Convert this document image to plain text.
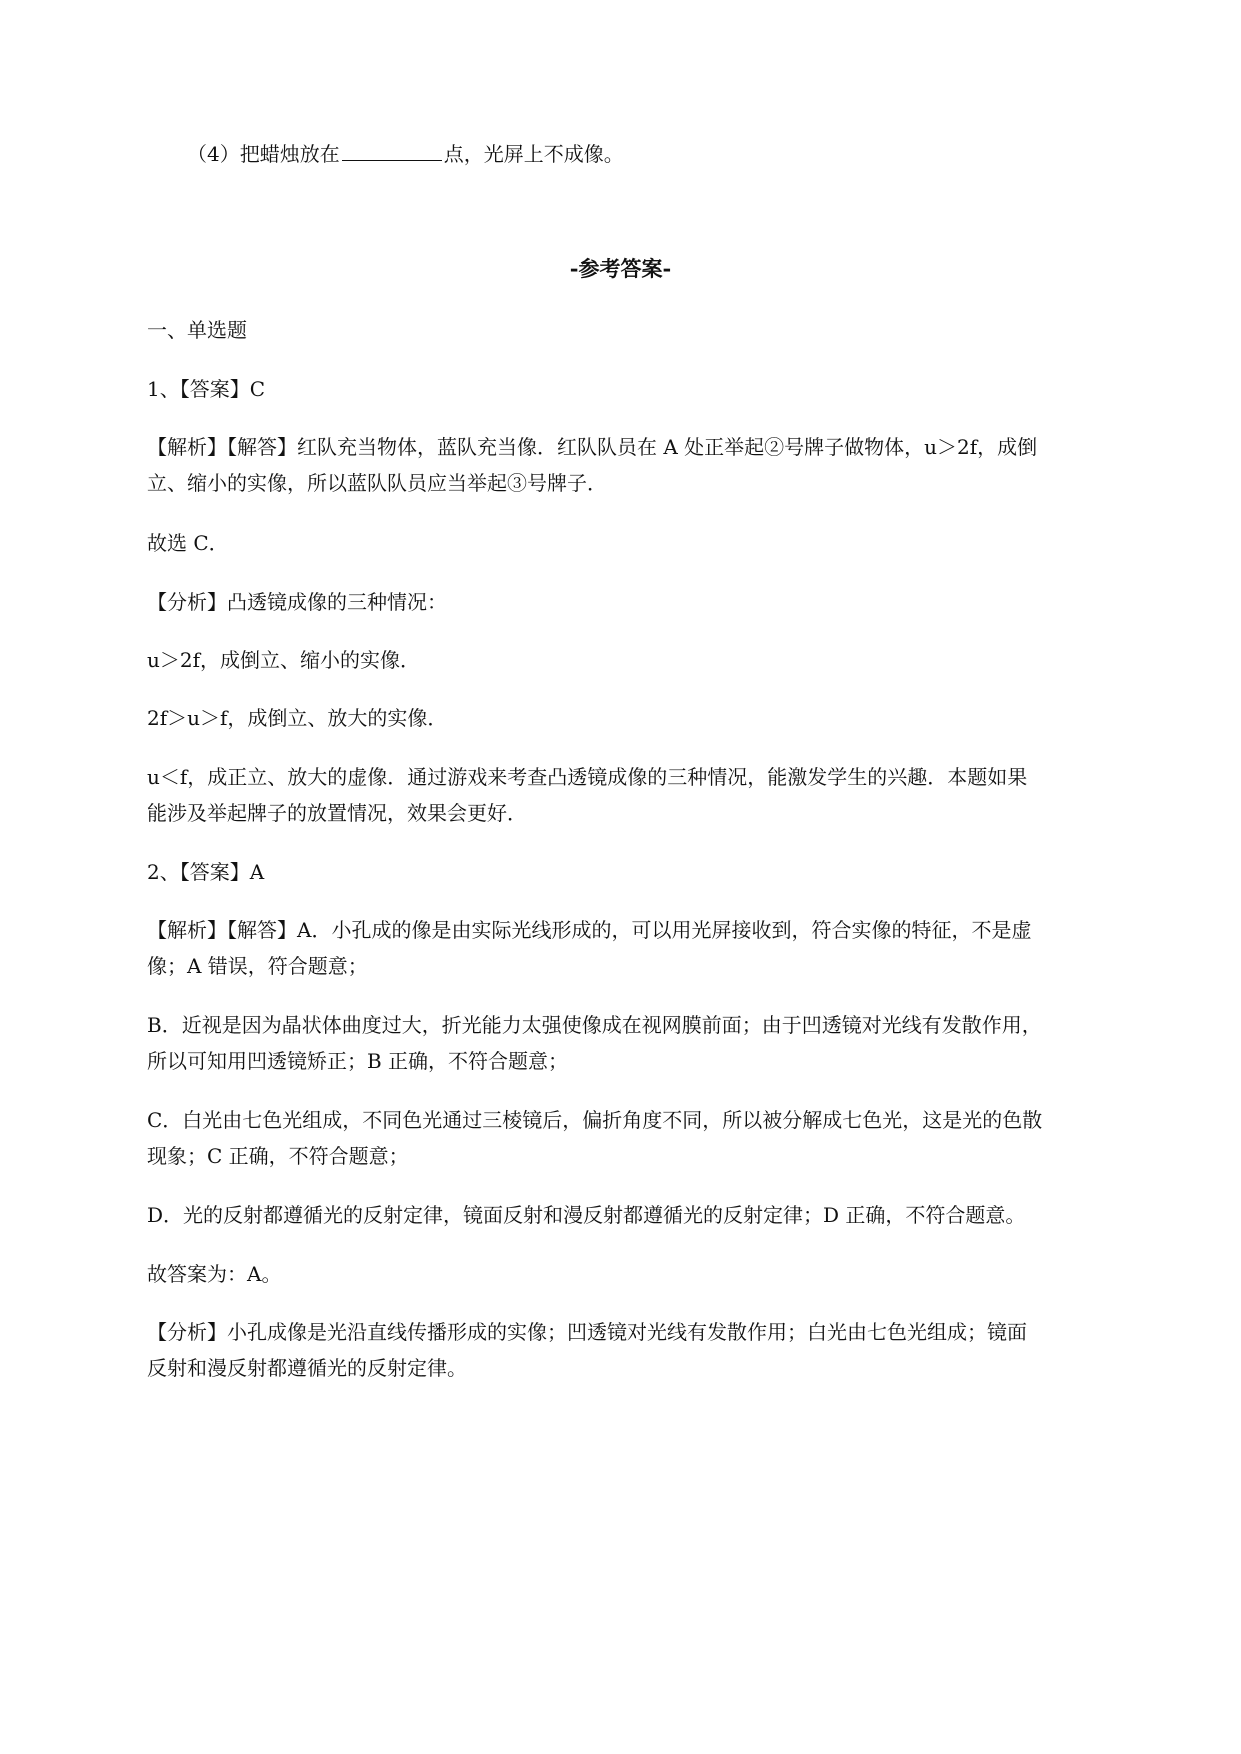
（4）把蜡烛放在	点，光屏上不成像。
-参考答案-
一、单选题
1、【答案】C
【解析】【解答】红队充当物体，蓝队充当像．红队队员在 A 处正举起②号牌子做物体，u＞2f，成倒
立、缩小的实像，所以蓝队队员应当举起③号牌子．
故选 C．
【分析】凸透镜成像的三种情况：
u＞2f，成倒立、缩小的实像．
2f＞u＞f，成倒立、放大的实像．
u＜f，成正立、放大的虚像．通过游戏来考查凸透镜成像的三种情况，能激发学生的兴趣．本题如果
能涉及举起牌子的放置情况，效果会更好．
2、【答案】A
【解析】【解答】A．小孔成的像是由实际光线形成的，可以用光屏接收到，符合实像的特征，不是虚
像；A 错误，符合题意；
B．近视是因为晶状体曲度过大，折光能力太强使像成在视网膜前面；由于凹透镜对光线有发散作用，
所以可知用凹透镜矫正；B 正确，不符合题意；
C．白光由七色光组成，不同色光通过三棱镜后，偏折角度不同，所以被分解成七色光，这是光的色散
现象；C 正确，不符合题意；
D．光的反射都遵循光的反射定律，镜面反射和漫反射都遵循光的反射定律；D 正确，不符合题意。
故答案为：A。
【分析】小孔成像是光沿直线传播形成的实像；凹透镜对光线有发散作用；白光由七色光组成；镜面
反射和漫反射都遵循光的反射定律。
